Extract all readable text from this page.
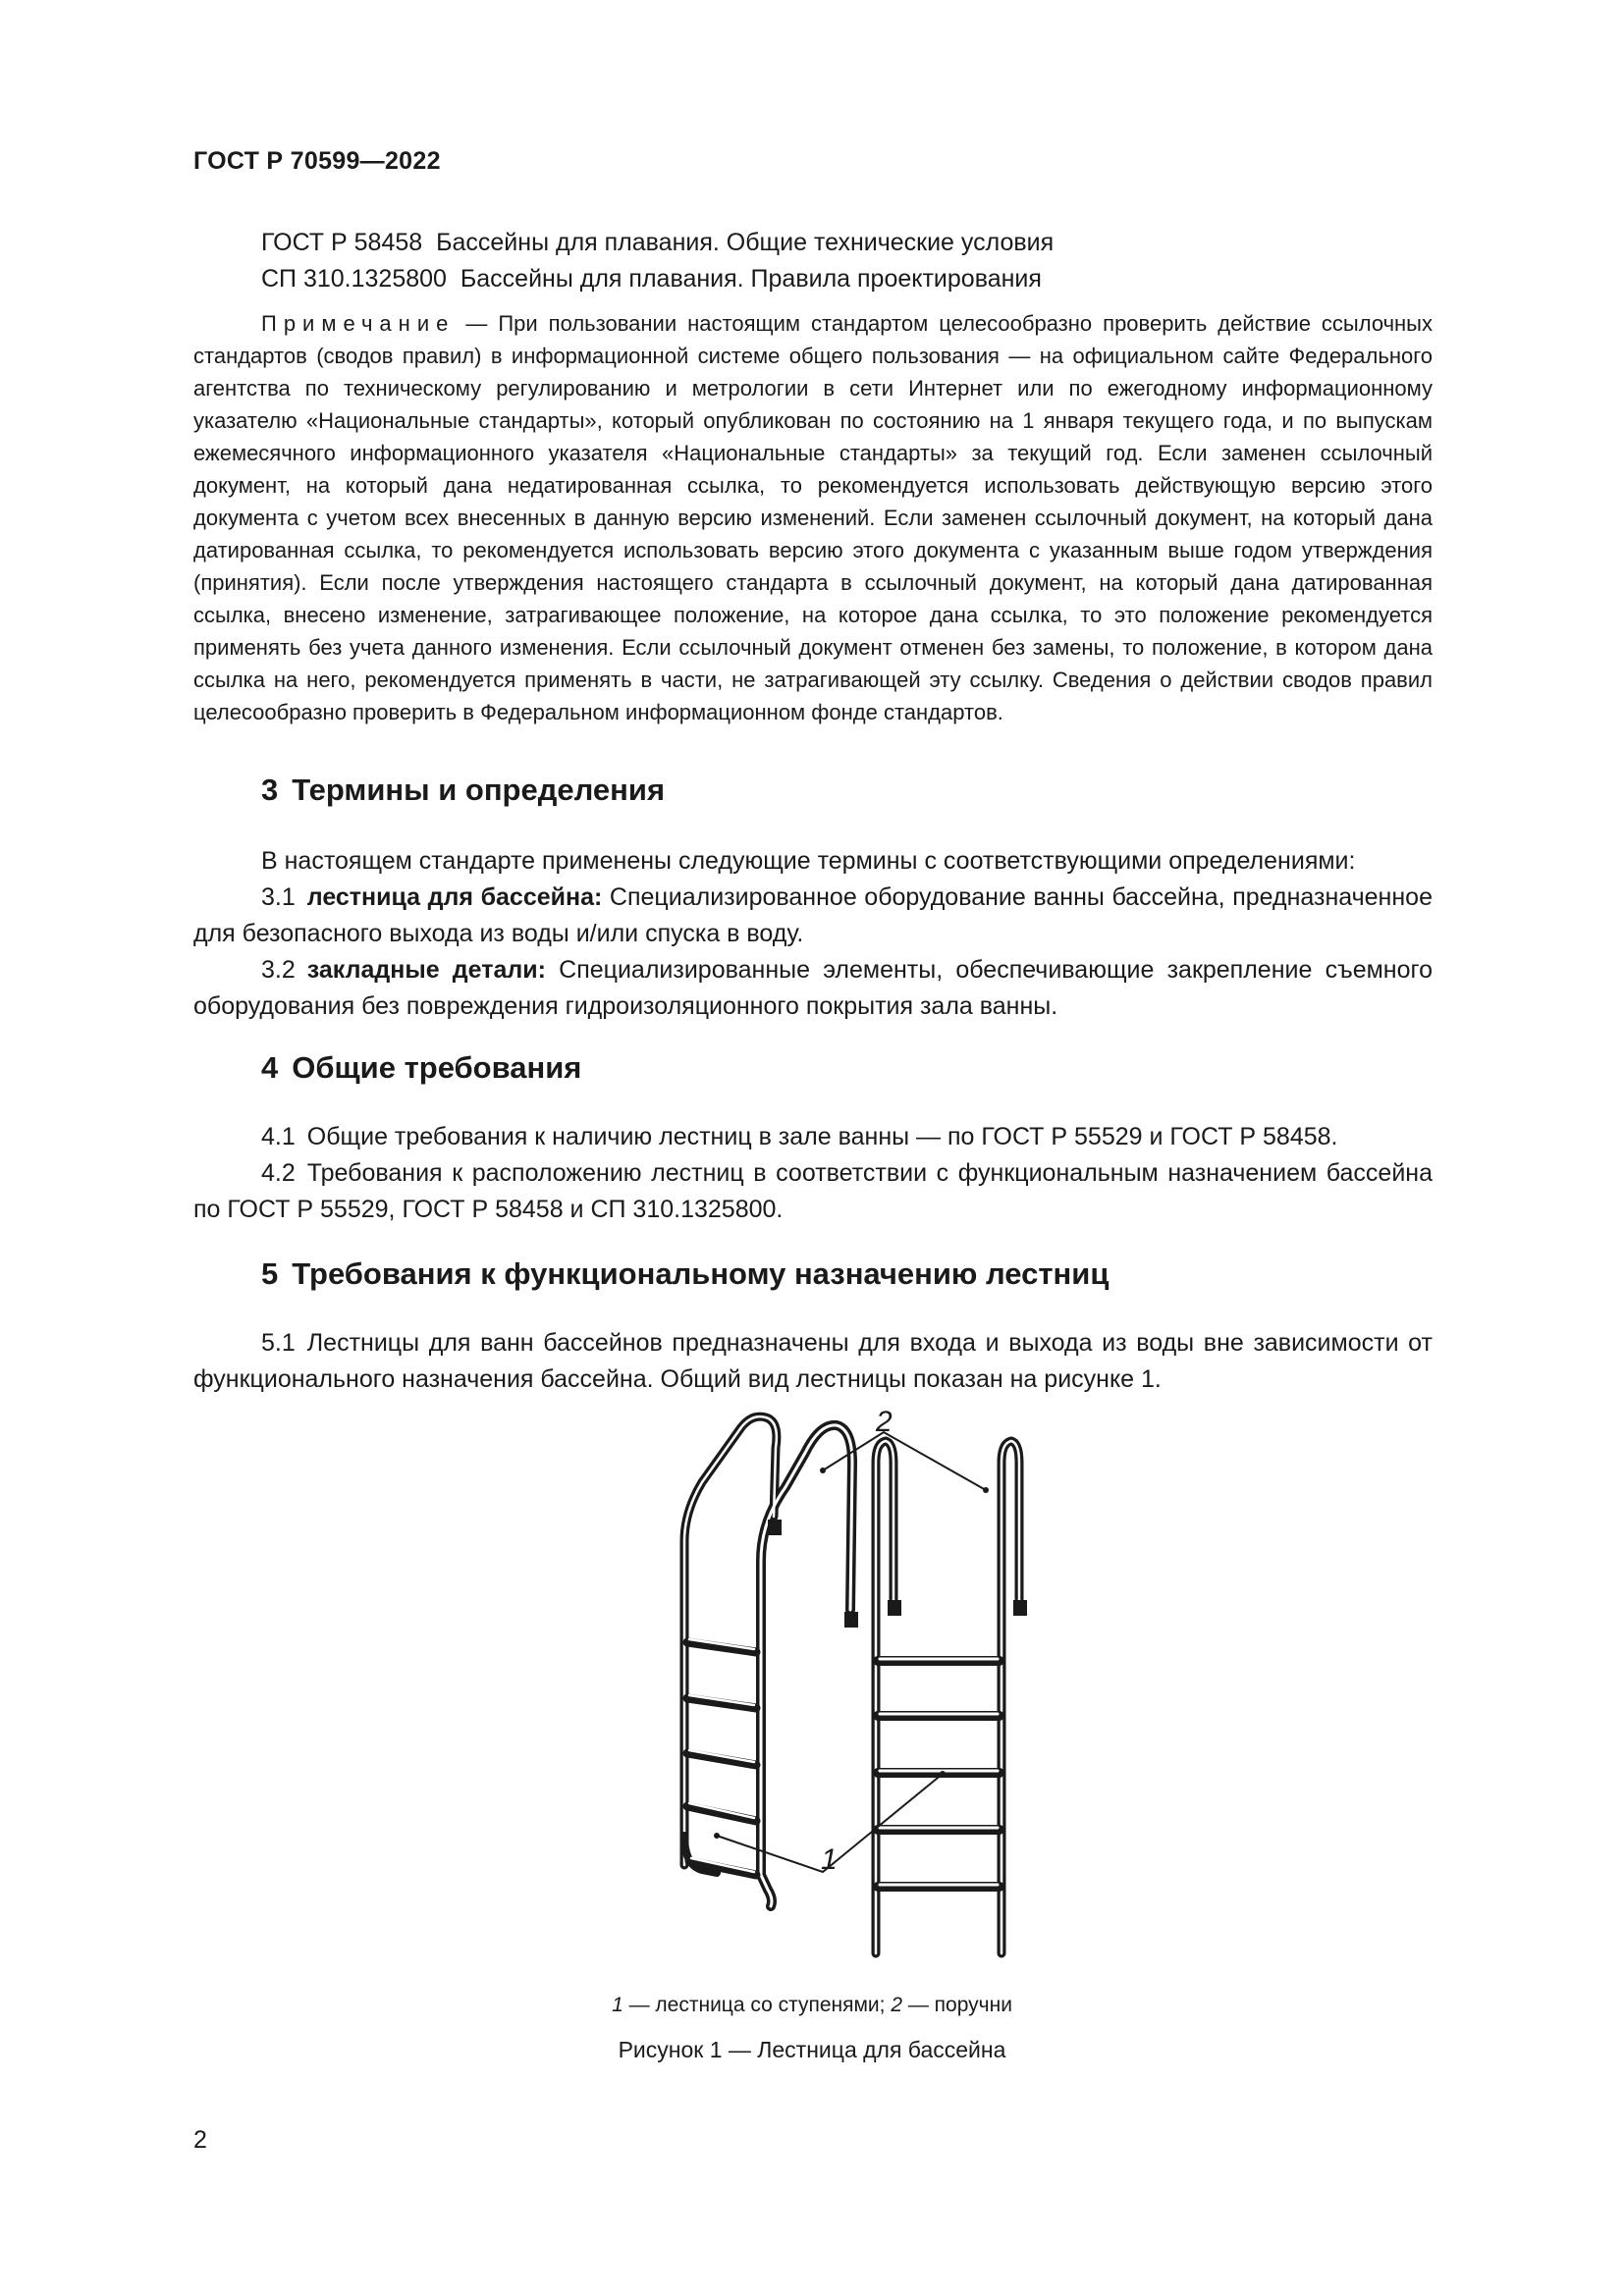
ГОСТ Р 70599—2022
ГОСТ Р 58458 Бассейны для плавания. Общие технические условия
СП 310.1325800 Бассейны для плавания. Правила проектирования
Примечание — При пользовании настоящим стандартом целесообразно проверить действие ссылочных стандартов (сводов правил) в информационной системе общего пользования — на официальном сайте Федерального агентства по техническому регулированию и метрологии в сети Интернет или по ежегодному информационному указателю «Национальные стандарты», который опубликован по состоянию на 1 января текущего года, и по выпускам ежемесячного информационного указателя «Национальные стандарты» за текущий год. Если заменен ссылочный документ, на который дана недатированная ссылка, то рекомендуется использовать действующую версию этого документа с учетом всех внесенных в данную версию изменений. Если заменен ссылочный документ, на который дана датированная ссылка, то рекомендуется использовать версию этого документа с указанным выше годом утверждения (принятия). Если после утверждения настоящего стандарта в ссылочный документ, на который дана датированная ссылка, внесено изменение, затрагивающее положение, на которое дана ссылка, то это положение рекомендуется применять без учета данного изменения. Если ссылочный документ отменен без замены, то положение, в котором дана ссылка на него, рекомендуется применять в части, не затрагивающей эту ссылку. Сведения о действии сводов правил целесообразно проверить в Федеральном информационном фонде стандартов.
3 Термины и определения
В настоящем стандарте применены следующие термины с соответствующими определениями:
3.1 лестница для бассейна: Специализированное оборудование ванны бассейна, предназначенное для безопасного выхода из воды и/или спуска в воду.
3.2 закладные детали: Специализированные элементы, обеспечивающие закрепление съемного оборудования без повреждения гидроизоляционного покрытия зала ванны.
4 Общие требования
4.1 Общие требования к наличию лестниц в зале ванны — по ГОСТ Р 55529 и ГОСТ Р 58458.
4.2 Требования к расположению лестниц в соответствии с функциональным назначением бассейна по ГОСТ Р 55529, ГОСТ Р 58458 и СП 310.1325800.
5 Требования к функциональному назначению лестниц
5.1 Лестницы для ванн бассейнов предназначены для входа и выхода из воды вне зависимости от функционального назначения бассейна. Общий вид лестницы показан на рисунке 1.
2
1
1 — лестница со ступенями; 2 — поручни
Рисунок 1 — Лестница для бассейна
2
